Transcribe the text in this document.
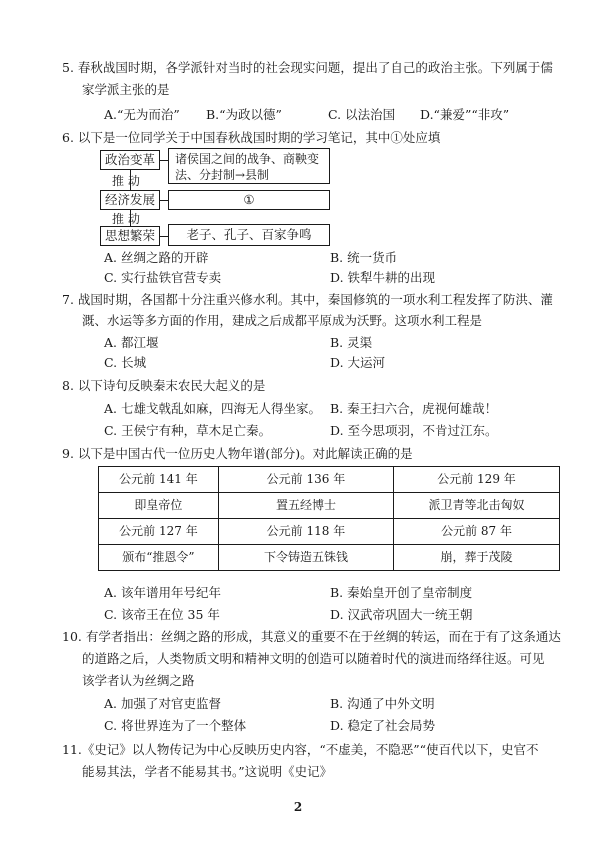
5. 春秋战国时期，各学派针对当时的社会现实问题，提出了自己的政治主张。下列属于儒
家学派主张的是
A.“无为而治” B.“为政以德”	C. 以法治国 D.“兼爱”“非攻”
6. 以下是一位同学关于中国春秋战国时期的学习笔记，其中①处应填
政治变革	诸侯国之间的战争、商鞅变
法、分封制→县制
推 动
经济发展	①
推 动
思想繁荣	老子、孔子、百家争鸣
A. 丝绸之路的开辟	B. 统一货币
C. 实行盐铁官营专卖	D. 铁犁牛耕的出现
7. 战国时期，各国都十分注重兴修水利。其中，秦国修筑的一项水利工程发挥了防洪、灌
溉、水运等多方面的作用，建成之后成都平原成为沃野。这项水利工程是
A. 都江堰	B. 灵渠
C. 长城	D. 大运河
8. 以下诗句反映秦末农民大起义的是
A. 七雄戈戟乱如麻，四海无人得坐家。 B. 秦王扫六合，虎视何雄哉！
C. 王侯宁有种，草木足亡秦。	D. 至今思项羽，不肯过江东。
9. 以下是中国古代一位历史人物年谱(部分)。对此解读正确的是
公元前 141 年	公元前 136 年	公元前 129 年
即皇帝位	置五经博士	派卫青等北击匈奴
公元前 127 年	公元前 118 年	公元前 87 年
颁布“推恩令”	下令铸造五铢钱	崩，葬于茂陵
A. 该年谱用年号纪年	B. 秦始皇开创了皇帝制度
C. 该帝王在位 35 年	D. 汉武帝巩固大一统王朝
10. 有学者指出：丝绸之路的形成，其意义的重要不在于丝绸的转运，而在于有了这条通达
的道路之后，人类物质文明和精神文明的创造可以随着时代的演进而络绎往返。可见
该学者认为丝绸之路
A. 加强了对官吏监督	B. 沟通了中外文明
C. 将世界连为了一个整体	D. 稳定了社会局势
11.《史记》以人物传记为中心反映历史内容，“不虚美，不隐恶”“使百代以下，史官不
能易其法，学者不能易其书。”这说明《史记》
2
